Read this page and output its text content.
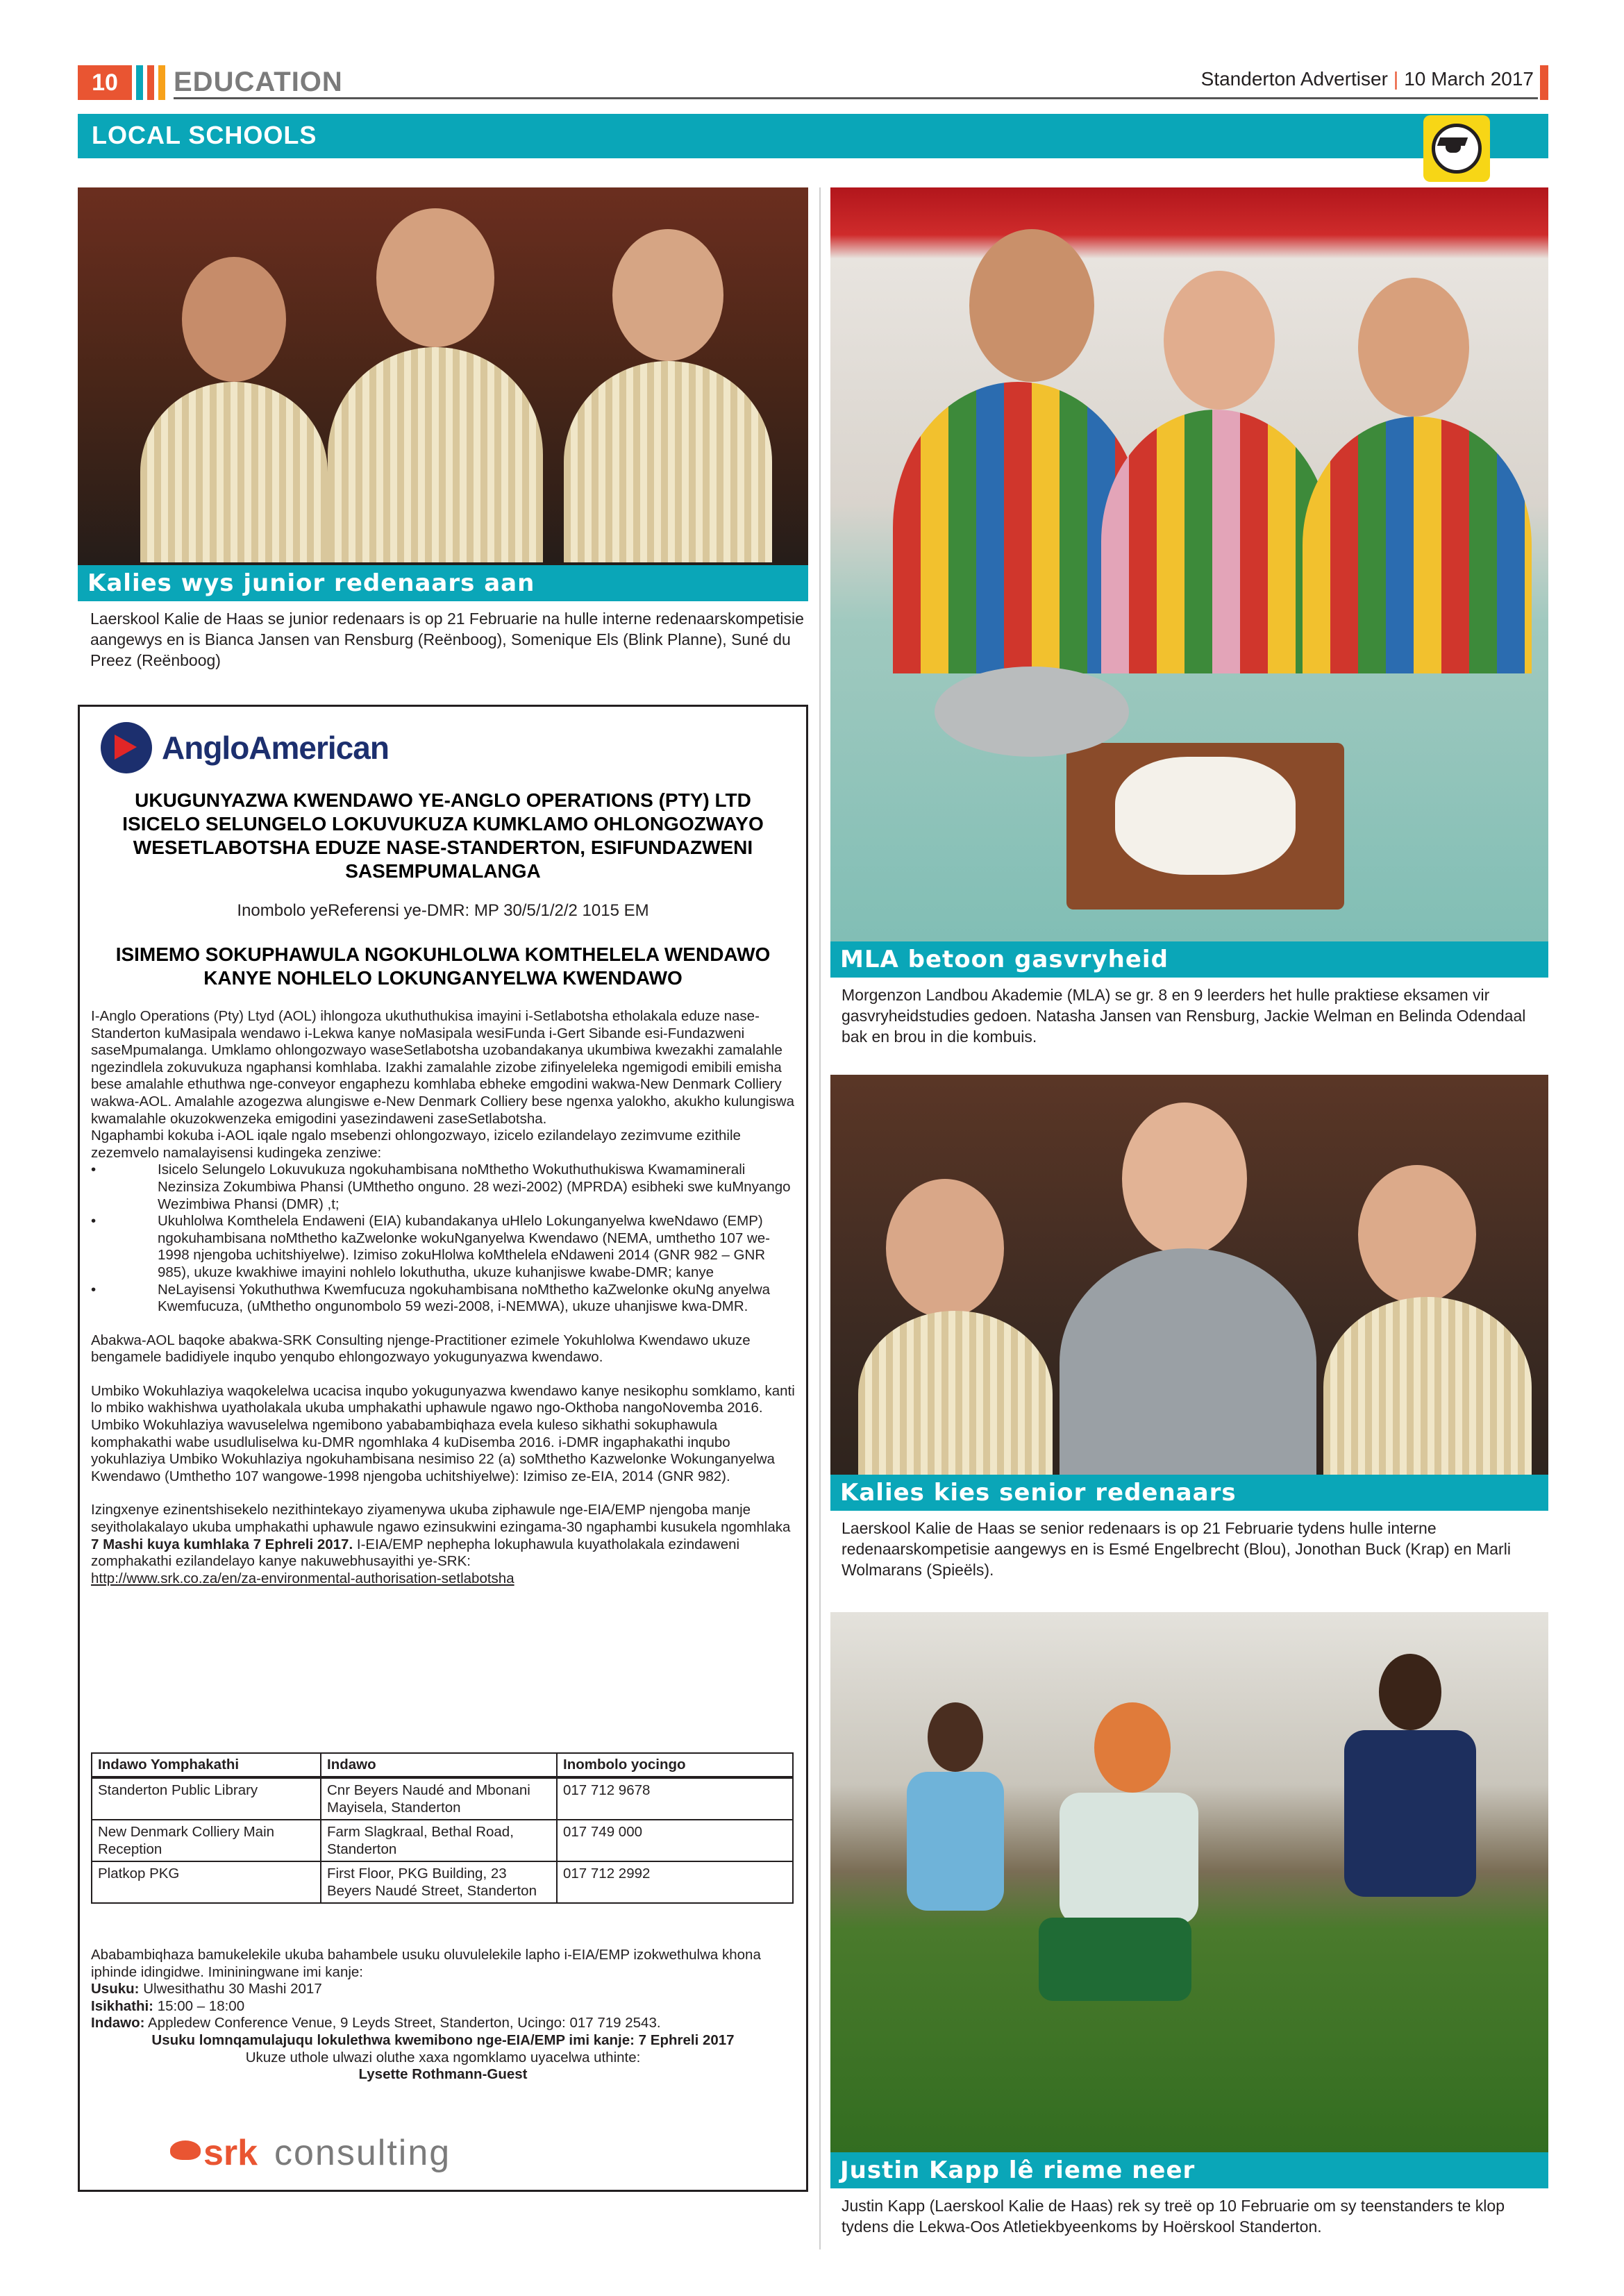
10	EDUCATION	Standerton Advertiser | 10 March 2017
LOCAL SCHOOLS
Kalies wys junior redenaars aan
Laerskool Kalie de Haas se junior redenaars is op 21 Februarie na hulle interne redenaarskompetisie aangewys en is Bianca Jansen van Rensburg (Reënboog), Somenique Els (Blink Planne), Suné du Preez (Reënboog)
MLA betoon gasvryheid
Morgenzon Landbou Akademie (MLA) se gr. 8 en 9 leerders het hulle praktiese eksamen vir gasvryheidstudies gedoen. Natasha Jansen van Rensburg, Jackie Welman en Belinda Odendaal bak en brou in die kombuis.
Kalies kies senior redenaars
Laerskool Kalie de Haas se senior redenaars is op 21 Februarie tydens hulle interne redenaarskompetisie aangewys en is Esmé Engelbrecht (Blou), Jonothan Buck (Krap) en Marli Wolmarans (Spieëls).
Justin Kapp lê rieme neer
Justin Kapp (Laerskool Kalie de Haas) rek sy treë op 10 Februarie om sy teenstanders te klop tydens die Lekwa-Oos Atletiekbyeenkoms by Hoërskool Standerton.
AngloAmerican
UKUGUNYAZWA KWENDAWO YE-ANGLO OPERATIONS (PTY) LTD ISICELO SELUNGELO LOKUVUKUZA KUMKLAMO OHLONGOZWAYO WESETLABOTSHA EDUZE NASE-STANDERTON, ESIFUNDAZWENI SASEMPUMALANGA
Inombolo yeReferensi ye-DMR: MP 30/5/1/2/2 1015 EM
ISIMEMO SOKUPHAWULA NGOKUHLOLWA KOMTHELELA WENDAWO KANYE NOHLELO LOKUNGANYELWA KWENDAWO

I-Anglo Operations (Pty) Ltyd (AOL) ihlongoza ukuthuthukisa imayini i-Setlabotsha etholakala eduze nase-Standerton kuMasipala wendawo i-Lekwa kanye noMasipala wesiFunda i-Gert Sibande esi-Fundazweni saseMpumalanga. Umklamo ohlongozwayo waseSetlabotsha uzobandakanya ukumbiwa kwezakhi zamalahle ngezindlela zokuvukuza ngaphansi komhlaba. Izakhi zamalahle zizobe zifinyeleleka ngemigodi emibili emisha bese amalahle ethuthwa nge-conveyor engaphezu komhlaba ebheke emgodini wakwa-New Denmark Colliery wakwa-AOL. Amalahle azogezwa alungiswe e-New Denmark Colliery bese ngenxa yalokho, akukho kulungiswa kwamalahle okuzokwenzeka emigodini yasezindaweni zaseSetlabotsha.

Ngaphambi kokuba i-AOL iqale ngalo msebenzi ohlongozwayo, izicelo ezilandelayo zezimvume ezithile zezemvelo namalayisensi kudingeka zenziwe:

•	Isicelo Selungelo Lokuvukuza ngokuhambisana noMthetho Wokuthuthukiswa Kwamaminerali Nezinsiza Zokumbiwa Phansi (UMthetho onguno. 28 wezi-2002) (MPRDA) esibheki swe kuMnyango Wezimbiwa Phansi (DMR) ,t;
•	Ukuhlolwa Komthelela Endaweni (EIA) kubandakanya uHlelo Lokunganyelwa kweNdawo (EMP) ngokuhambisana noMthetho kaZwelonke wokuNganyelwa Kwendawo (NEMA, umthetho 107 we-1998 njengoba uchitshiyelwe). Izimiso zokuHlolwa koMthelela eNdaweni 2014 (GNR 982 – GNR 985), ukuze kwakhiwe imayini nohlelo lokuthutha, ukuze kuhanjiswe kwabe-DMR; kanye
•	NeLayisensi Yokuthuthwa Kwemfucuza ngokuhambisana noMthetho kaZwelonke okuNg anyelwa Kwemfucuza, (uMthetho ongunombolo 59 wezi-2008, i-NEMWA), ukuze uhanjiswe kwa-DMR.

Abakwa-AOL baqoke abakwa-SRK Consulting njenge-Practitioner ezimele Yokuhlolwa Kwendawo ukuze bengamele badidiyele inqubo yenqubo ehlongozwayo yokugunyazwa kwendawo.

Umbiko Wokuhlaziya waqokelelwa ucacisa inqubo yokugunyazwa kwendawo kanye nesikophu somklamo, kanti lo mbiko wakhishwa uyatholakala ukuba umphakathi uphawule ngawo ngo-Okthoba nangoNovemba 2016. Umbiko Wokuhlaziya wavuselelwa ngemibono yababambiqhaza evela kuleso sikhathi sokuphawula komphakathi wabe usudluliselwa ku-DMR ngomhlaka 4 kuDisemba 2016. i-DMR ingaphakathi inqubo yokuhlaziya Umbiko Wokuhlaziya ngokuhambisana nesimiso 22 (a) soMthetho Kazwelonke Wokunganyelwa Kwendawo (Umthetho 107 wangowe-1998 njengoba uchitshiyelwe): Izimiso ze-EIA, 2014 (GNR 982).

Izingxenye ezinentshisekelo nezithintekayo ziyamenywa ukuba ziphawule nge-EIA/EMP njengoba manje seyitholakalayo ukuba umphakathi uphawule ngawo ezinsukwini ezingama-30 ngaphambi kusukela ngomhlaka 7 Mashi kuya kumhlaka 7 Ephreli 2017. I-EIA/EMP nephepha lokuphawula kuyatholakala ezindaweni zomphakathi ezilandelayo kanye nakuwebhusayithi ye-SRK:

http://www.srk.co.za/en/za-environmental-authorisation-setlabotsha

Indawo Yomphakathi	Indawo	Inombolo yocingo
Standerton Public Library	Cnr Beyers Naudé and Mbonani Mayisela, Standerton	017 712 9678
New Denmark Colliery Main Reception	Farm Slagkraal, Bethal Road, Standerton	017 749 000
Platkop PKG	First Floor, PKG Building, 23 Beyers Naudé Street, Standerton	017 712 2992

Ababambiqhaza bamukelekile ukuba bahambele usuku oluvulelekile lapho i-EIA/EMP izokwethulwa khona iphinde idingidwe. Imininingwane imi kanje:

Usuku: Ulwesithathu 30 Mashi 2017

Isikhathi: 15:00 – 18:00

Indawo: Appledew Conference Venue, 9 Leyds Street, Standerton, Ucingo: 017 719 2543.

Usuku lomnqamulajuqu lokulethwa kwemibono nge-EIA/EMP imi kanje: 7 Ephreli 2017

Ukuze uthole ulwazi oluthe xaxa ngomklamo uyacelwa uthinte:

Lysette Rothmann-Guest

srk consulting
